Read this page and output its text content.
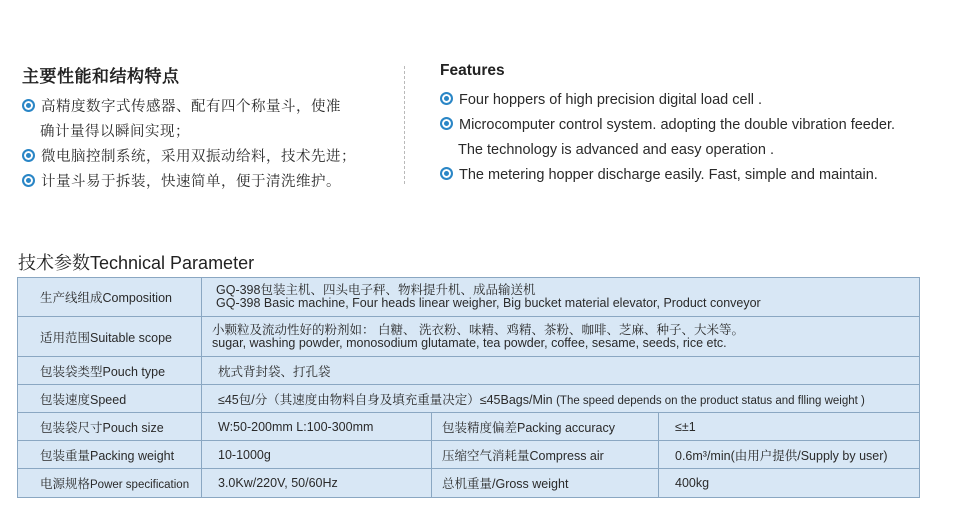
主要性能和结构特点
高精度数字式传感器、配有四个称量斗，使准
确计量得以瞬间实现；
微电脑控制系统，采用双振动给料，技术先进；
计量斗易于拆装，快速简单，便于清洗维护。
Features
Four hoppers of high precision digital load cell .
Microcomputer control system. adopting the double vibration feeder.
The technology is advanced and easy operation .
The metering hopper discharge easily. Fast, simple and maintain.
技术参数Technical Parameter
生产线组成Composition	GQ-398包装主机、四头电子秤、物料提升机、成品输送机
GQ-398 Basic machine, Four heads linear weigher, Big bucket material elevator, Product conveyor		

适用范围Suitable scope	小颗粒及流动性好的粉剂如： 白糖、 洗衣粉、味精、鸡精、茶粉、咖啡、芝麻、种子、大米等。
sugar, washing powder, monosodium glutamate, tea powder, coffee, sesame, seeds, rice etc.		

包装袋类型Pouch type	枕式背封袋、打孔袋		
包装速度Speed	≤45包/分（其速度由物料自身及填充重量决定）≤45Bags/Min (The speed depends on the product status and flling weight )		
包装袋尺寸Pouch size	W:50-200mm L:100-300mm	包装精度偏差Packing accuracy	≤±1
包装重量Packing weight	10-1000g	压缩空气消耗量Compress air	0.6m³/min(由用户提供/Supply by user)
电源规格Power specification	3.0Kw/220V, 50/60Hz	总机重量/Gross weight	400kg
